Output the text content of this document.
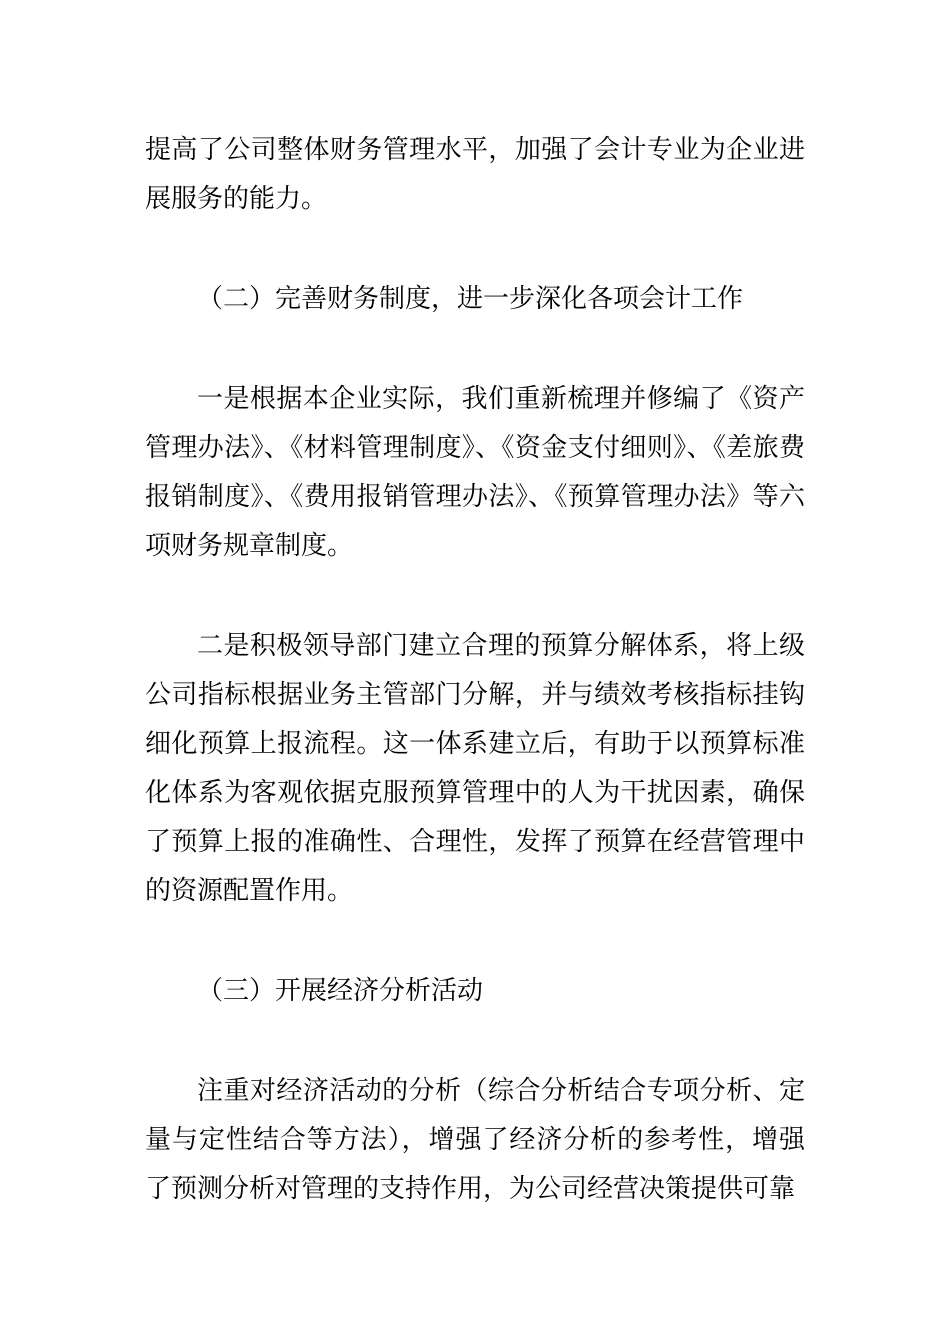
提高了公司整体财务管理水平，加强了会计专业为企业进展服务的能力。

（二）完善财务制度，进一步深化各项会计工作

一是根据本企业实际，我们重新梳理并修编了《资产管理办法》、《材料管理制度》、《资金支付细则》、《差旅费报销制度》、《费用报销管理办法》、《预算管理办法》等六项财务规章制度。

二是积极领导部门建立合理的预算分解体系，将上级公司指标根据业务主管部门分解，并与绩效考核指标挂钩细化预算上报流程。这一体系建立后，有助于以预算标准化体系为客观依据克服预算管理中的人为干扰因素，确保了预算上报的准确性、合理性，发挥了预算在经营管理中的资源配置作用。

（三）开展经济分析活动

注重对经济活动的分析（综合分析结合专项分析、定量与定性结合等方法），增强了经济分析的参考性，增强了预测分析对管理的支持作用，为公司经营决策提供可靠
